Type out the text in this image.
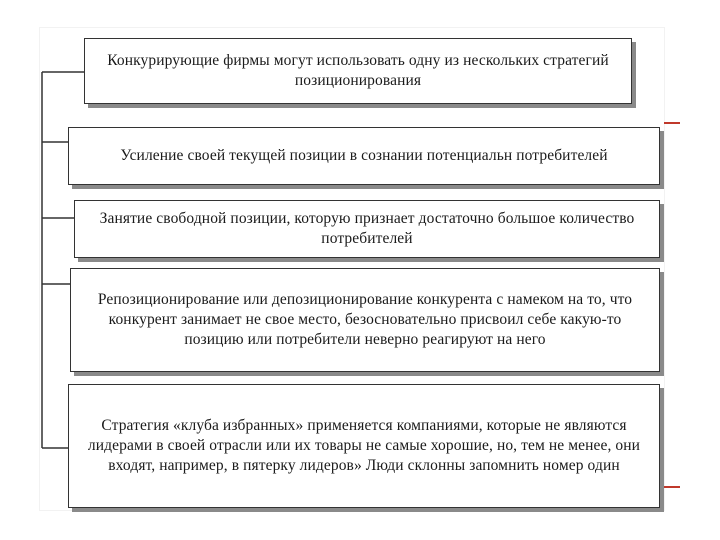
Конкурирующие фирмы могут использовать одну из нескольких стратегий позиционирования
Усиление своей текущей позиции в сознании потенциальн потребителей
Занятие свободной позиции, которую признает достаточно большое количество потребителей
Репозиционирование или депозиционирование конкурента с намеком на то, что конкурент занимает не свое место, безосновательно присвоил себе какую-то позицию или потребители неверно реагируют на него
Стратегия «клуба избранных» применяется компаниями, которые не являются лидерами в своей отрасли или их товары не самые хорошие, но, тем не менее, они входят, например, в пятерку лидеров» Люди склонны запомнить номер один
